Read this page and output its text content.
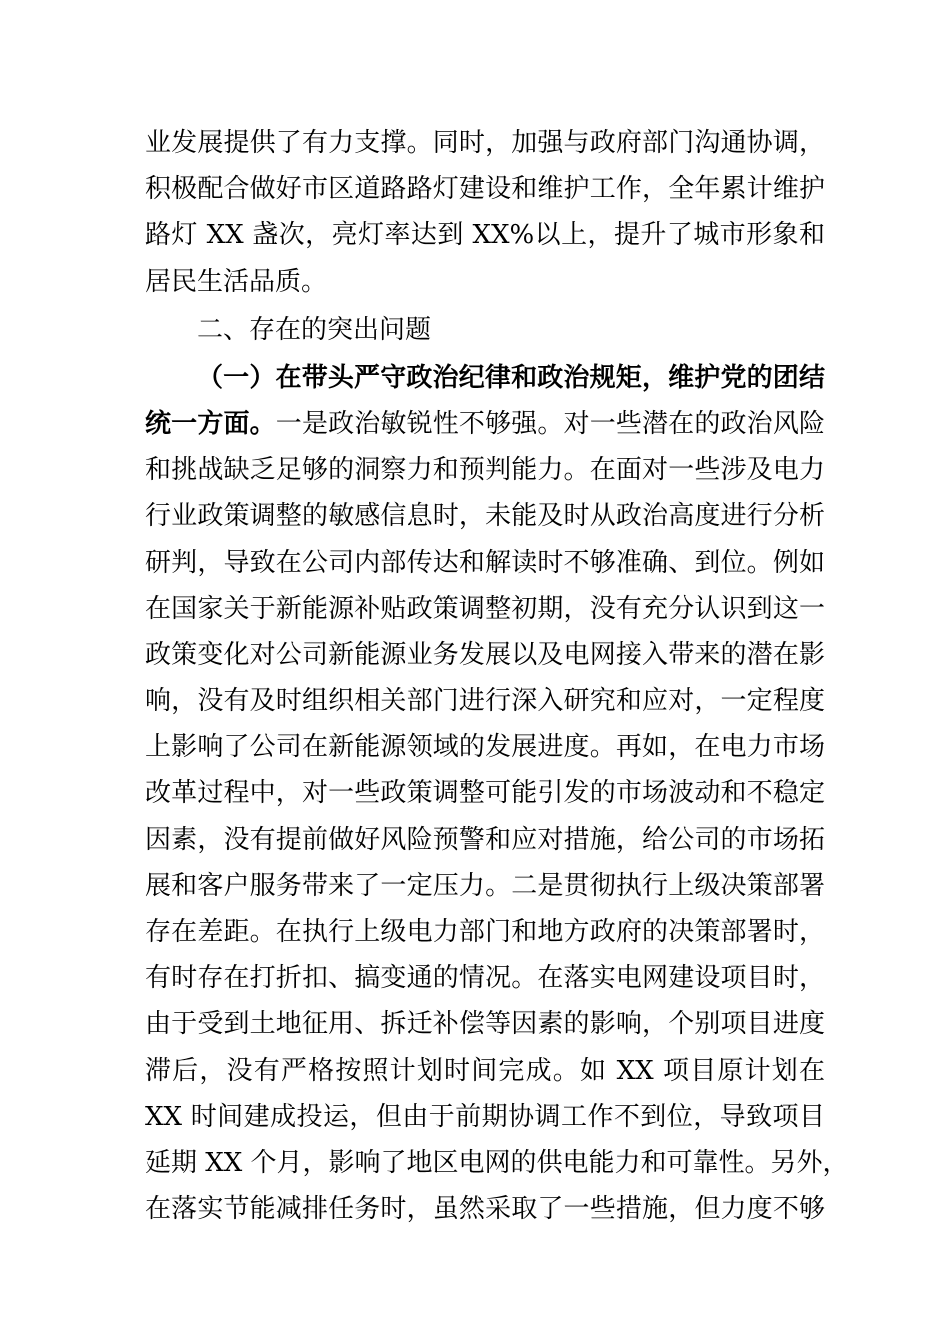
业发展提供了有力支撑。同时，加强与政府部门沟通协调，
积极配合做好市区道路路灯建设和维护工作，全年累计维护
路灯 XX 盏次，亮灯率达到 XX%以上，提升了城市形象和
居民生活品质。
二、存在的突出问题
（一）在带头严守政治纪律和政治规矩，维护党的团结
统一方面。一是政治敏锐性不够强。对一些潜在的政治风险
和挑战缺乏足够的洞察力和预判能力。在面对一些涉及电力
行业政策调整的敏感信息时，未能及时从政治高度进行分析
研判，导致在公司内部传达和解读时不够准确、到位。例如
在国家关于新能源补贴政策调整初期，没有充分认识到这一
政策变化对公司新能源业务发展以及电网接入带来的潜在影
响，没有及时组织相关部门进行深入研究和应对，一定程度
上影响了公司在新能源领域的发展进度。再如，在电力市场
改革过程中，对一些政策调整可能引发的市场波动和不稳定
因素，没有提前做好风险预警和应对措施，给公司的市场拓
展和客户服务带来了一定压力。二是贯彻执行上级决策部署
存在差距。在执行上级电力部门和地方政府的决策部署时，
有时存在打折扣、搞变通的情况。在落实电网建设项目时，
由于受到土地征用、拆迁补偿等因素的影响，个别项目进度
滞后，没有严格按照计划时间完成。如 XX 项目原计划在
XX 时间建成投运，但由于前期协调工作不到位，导致项目
延期 XX 个月，影响了地区电网的供电能力和可靠性。另外，
在落实节能减排任务时，虽然采取了一些措施，但力度不够
